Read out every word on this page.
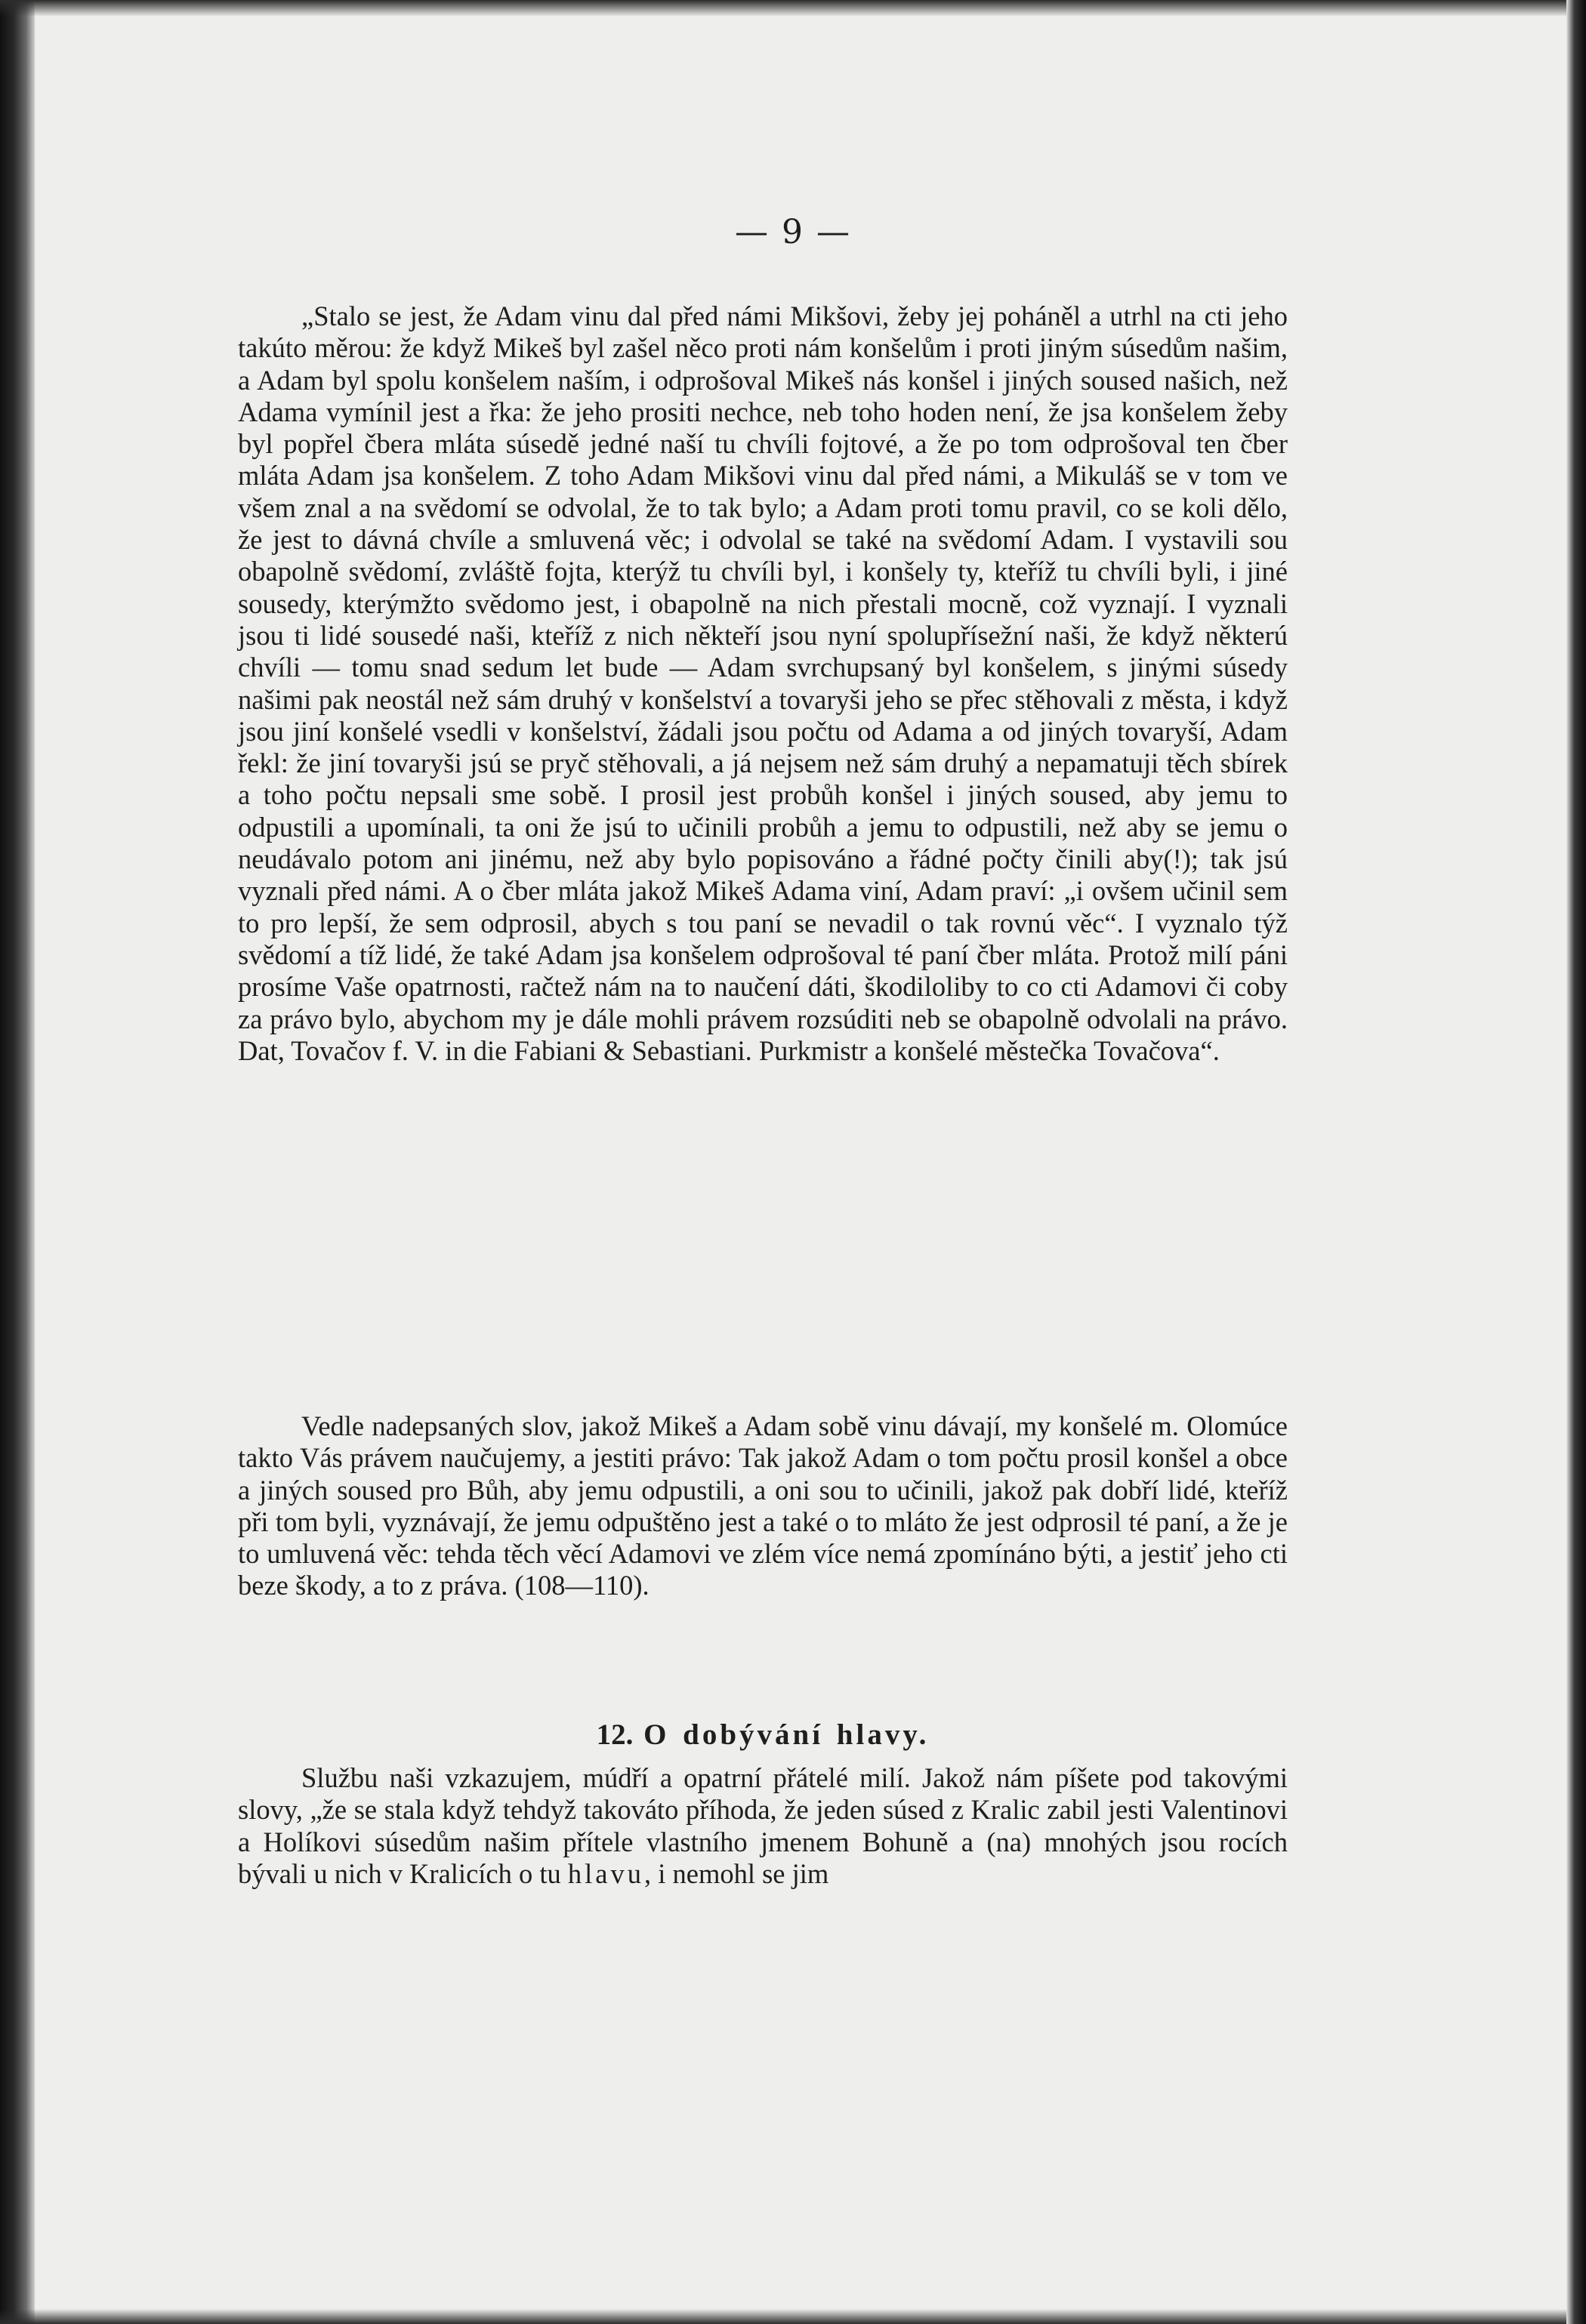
— 9 —

„Stalo se jest, že Adam vinu dal před námi Mikšovi, žeby jej poháněl a utrhl na cti jeho takúto měrou: že když Mikeš byl zašel něco proti nám konšelům i proti jiným súsedům našim, a Adam byl spolu konšelem naším, i odprošoval Mikeš nás konšel i jiných soused našich, než Adama vymínil jest a řka: že jeho prositi nechce, neb toho hoden není, že jsa konšelem žeby byl popřel čbera mláta súsedě jedné naší tu chvíli fojtové, a že po tom odprošoval ten čber mláta Adam jsa konšelem. Z toho Adam Mikšovi vinu dal před námi, a Mikuláš se v tom ve všem znal a na svědomí se odvolal, že to tak bylo; a Adam proti tomu pravil, co se koli dělo, že jest to dávná chvíle a smluvená věc; i odvolal se také na svědomí Adam. I vystavili sou obapolně svědomí, zvláště fojta, kterýž tu chvíli byl, i konšely ty, kteříž tu chvíli byli, i jiné sousedy, kterýmžto svědomo jest, i obapolně na nich přestali mocně, což vyznají. I vyznali jsou ti lidé sousedé naši, kteříž z nich někteří jsou nyní spolupřísežní naši, že když některú chvíli — tomu snad sedum let bude — Adam svrchupsaný byl konšelem, s jinými súsedy našimi pak neostál než sám druhý v konšelství a tovaryši jeho se přec stěhovali z města, i když jsou jiní konšelé vsedli v konšelství, žádali jsou počtu od Adama a od jiných tovaryší, Adam řekl: že jiní tovaryši jsú se pryč stěhovali, a já nejsem než sám druhý a nepamatuji těch sbírek a toho počtu nepsali sme sobě. I prosil jest probůh konšel i jiných soused, aby jemu to odpustili a upomínali, ta oni že jsú to učinili probůh a jemu to odpustili, než aby se jemu o neudávalo potom ani jinému, než aby bylo popisováno a řádné počty činili aby(!); tak jsú vyznali před námi. A o čber mláta jakož Mikeš Adama viní, Adam praví: „i ovšem učinil sem to pro lepší, že sem odprosil, abych s tou paní se nevadil o tak rovnú věc“. I vyznalo týž svědomí a tíž lidé, že také Adam jsa konšelem odprošoval té paní čber mláta. Protož milí páni prosíme Vaše opatrnosti, račtež nám na to naučení dáti, škodiloliby to co cti Adamovi či coby za právo bylo, abychom my je dále mohli právem rozsúditi neb se obapolně odvolali na právo. Dat, Tovačov f. V. in die Fabiani & Sebastiani. Purkmistr a konšelé městečka Tovačova“.

Vedle nadepsaných slov, jakož Mikeš a Adam sobě vinu dávají, my konšelé m. Olomúce takto Vás právem naučujemy, a jestiti právo: Tak jakož Adam o tom počtu prosil konšel a obce a jiných soused pro Bůh, aby jemu odpustili, a oni sou to učinili, jakož pak dobří lidé, kteříž při tom byli, vyznávají, že jemu odpuštěno jest a také o to mláto že jest odprosil té paní, a že je to umluvená věc: tehda těch věcí Adamovi ve zlém více nemá zpomínáno býti, a jestiť jeho cti beze škody, a to z práva. (108—110).

12. O dobývání hlavy.

Službu naši vzkazujem, múdří a opatrní přátelé milí. Jakož nám píšete pod takovými slovy, „že se stala když tehdyž takováto příhoda, že jeden súsed z Kralic zabil jesti Valentinovi a Holíkovi súsedům našim přítele vlastního jmenem Bohuně a (na) mnohých jsou rocích bývali u nich v Kralicích o tu hlavu, i nemohl se jim
